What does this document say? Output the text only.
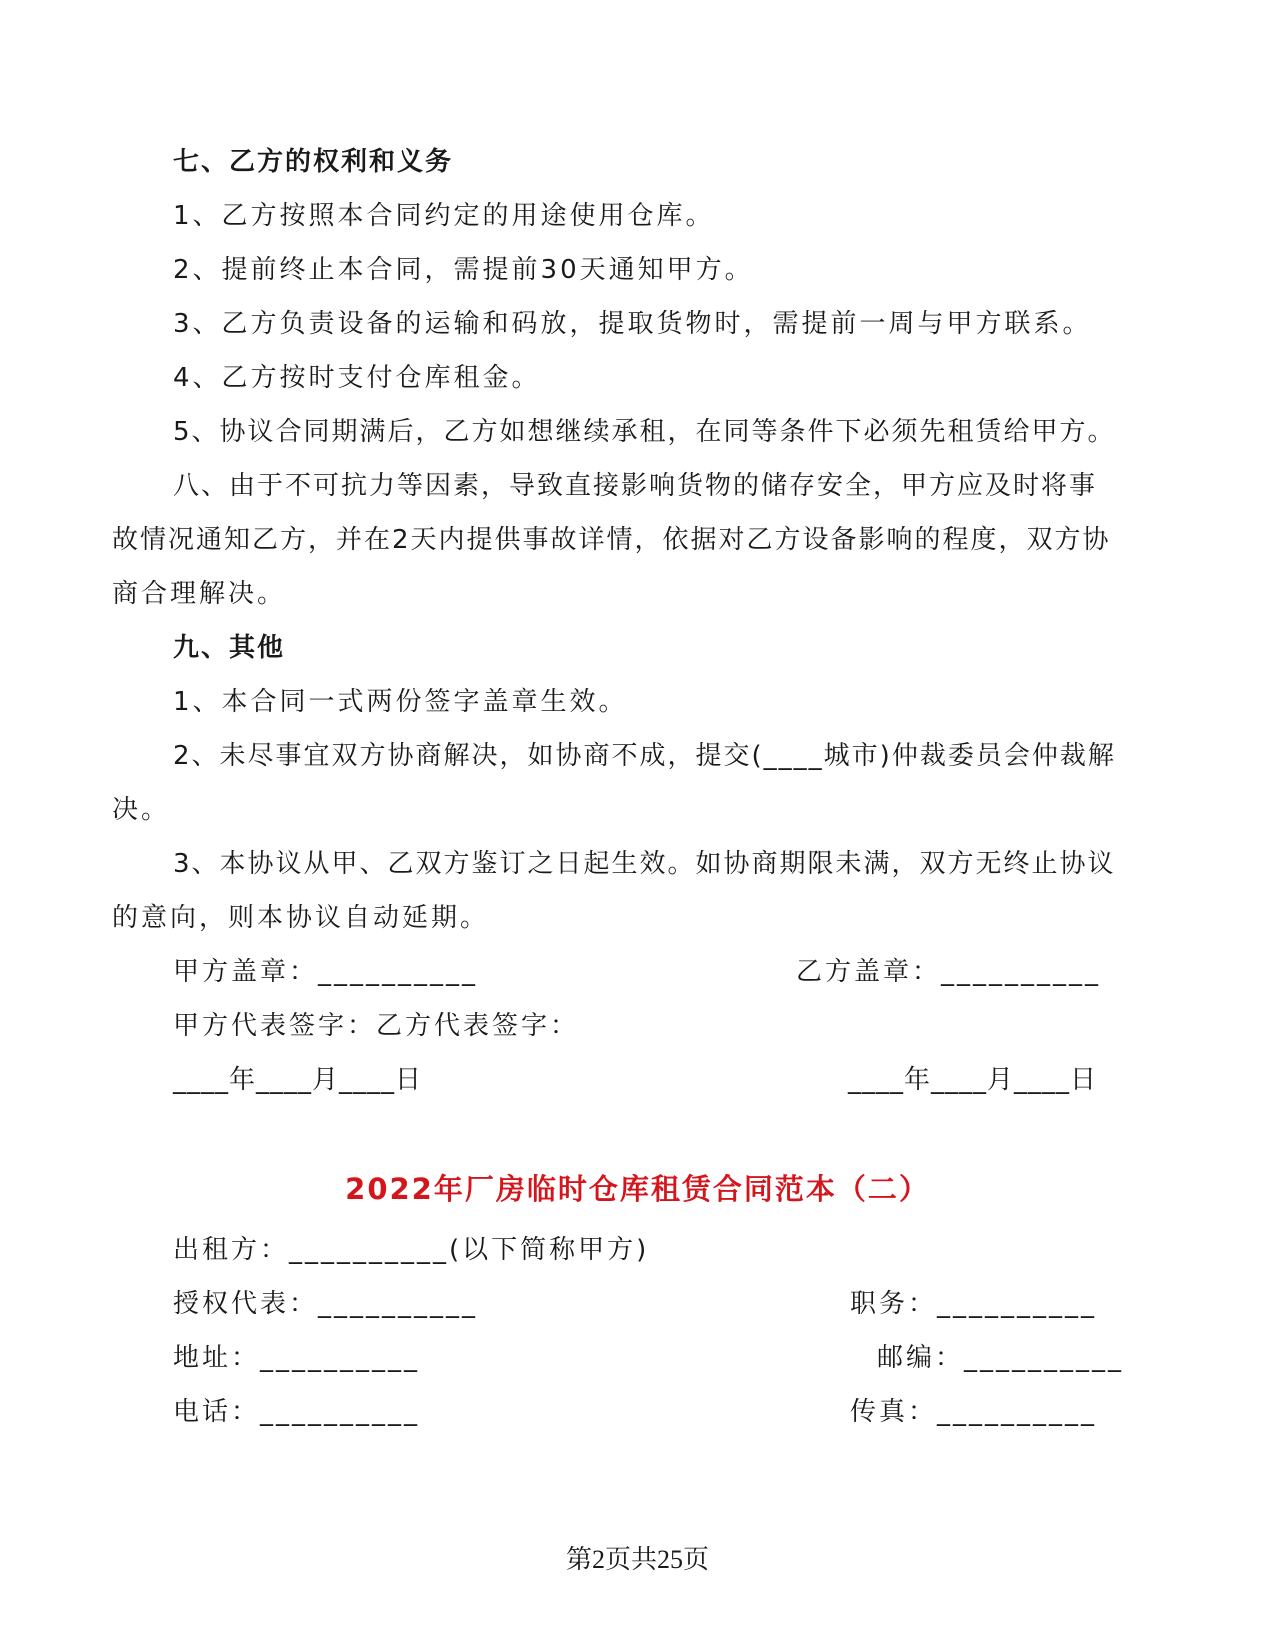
七、乙方的权利和义务
1、乙方按照本合同约定的用途使用仓库。
2、提前终止本合同，需提前30天通知甲方。
3、乙方负责设备的运输和码放，提取货物时，需提前一周与甲方联系。
4、乙方按时支付仓库租金。
5、协议合同期满后，乙方如想继续承租，在同等条件下必须先租赁给甲方。
八、由于不可抗力等因素，导致直接影响货物的储存安全，甲方应及时将事
故情况通知乙方，并在2天内提供事故详情，依据对乙方设备影响的程度，双方协
商合理解决。
九、其他
1、本合同一式两份签字盖章生效。
2、未尽事宜双方协商解决，如协商不成，提交(____城市)仲裁委员会仲裁解
决。
3、本协议从甲、乙双方鉴订之日起生效。如协商期限未满，双方无终止协议
的意向，则本协议自动延期。
甲方盖章：__________	乙方盖章：__________
甲方代表签字：乙方代表签字：
____年____月____日	____年____月____日
2022年厂房临时仓库租赁合同范本（二）
出租方：__________(以下简称甲方)
授权代表：__________	职务：__________
地址：__________	邮编：__________
电话：__________	传真：__________
第2页共25页
